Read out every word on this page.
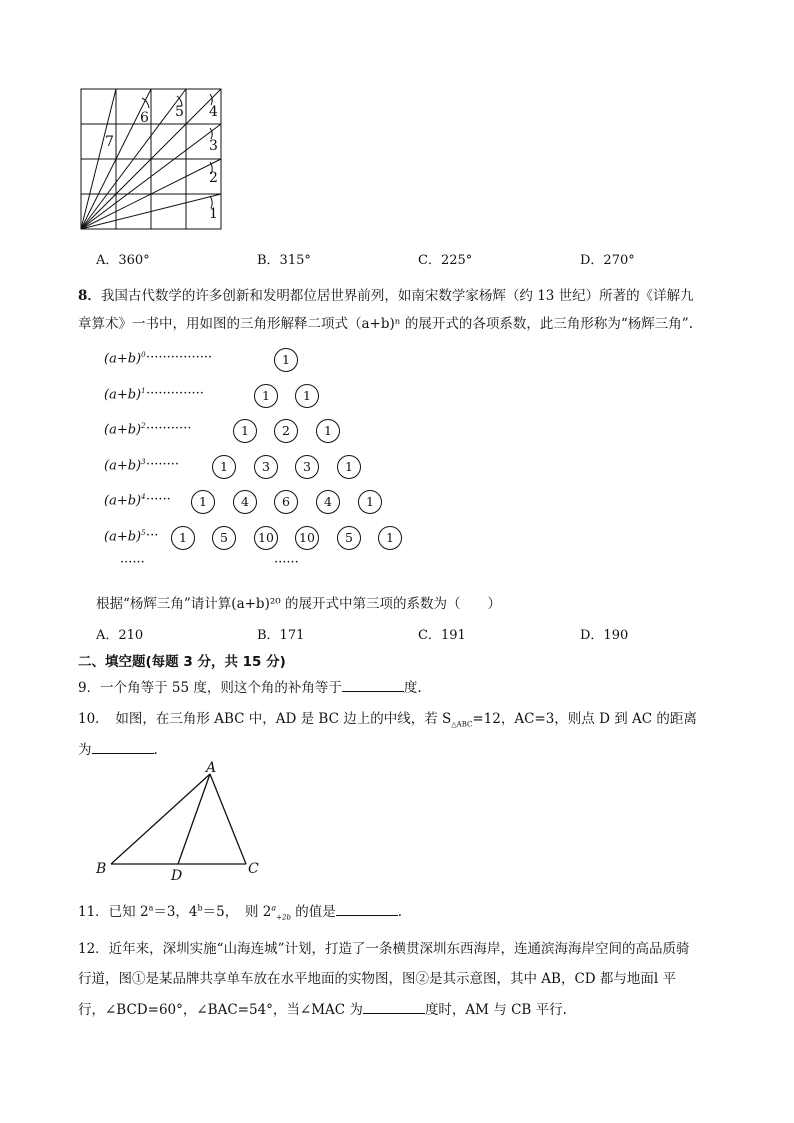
1
2
3
4
5
6
7
A．360°	B．315°	C．225°	D．270°
8．我国古代数学的许多创新和发明都位居世界前列，如南宋数学家杨辉（约 13 世纪）所著的《详解九
章算术》一书中，用如图的三角形解释二项式（a+b)ⁿ 的展开式的各项系数，此三角形称为“杨辉三角”.
$(a+b)^0$ ················	1
$(a+b)^1$ ··············	1	1
$(a+b)^2$ ···········	1	2	1
$(a+b)^3$ ········	1	3	3	1
$(a+b)^4$ ······	1	4	6	4	1
$(a+b)^5$ ···	1	5	10	10	5	1
······	······
根据“杨辉三角”请计算(a+b)²⁰ 的展开式中第三项的系数为（　　）
A．210	B．171	C．191	D．190
二、填空题(每题 3 分，共 15 分)
9．一个角等于 55 度，则这个角的补角等于	度.
10．　如图，在三角形 ABC 中，AD 是 BC 边上的中线，若 $S_{\triangle ABC}=12$，AC=3，则点 D 到 AC 的距离
为	.
A
B	C
D
11．已知 $2^a=3$，$4^b=5$，　则 $2^a_{+2b}$ 的值是	.
12．近年来，深圳实施“山海连城”计划，打造了一条横贯深圳东西海岸，连通滨海海岸空间的高品质骑
行道，图①是某品牌共享单车放在水平地面的实物图，图②是其示意图，其中 AB，CD 都与地面l 平
行，∠BCD=60°，∠BAC=54°，当∠MAC 为	度时，AM 与 CB 平行.
